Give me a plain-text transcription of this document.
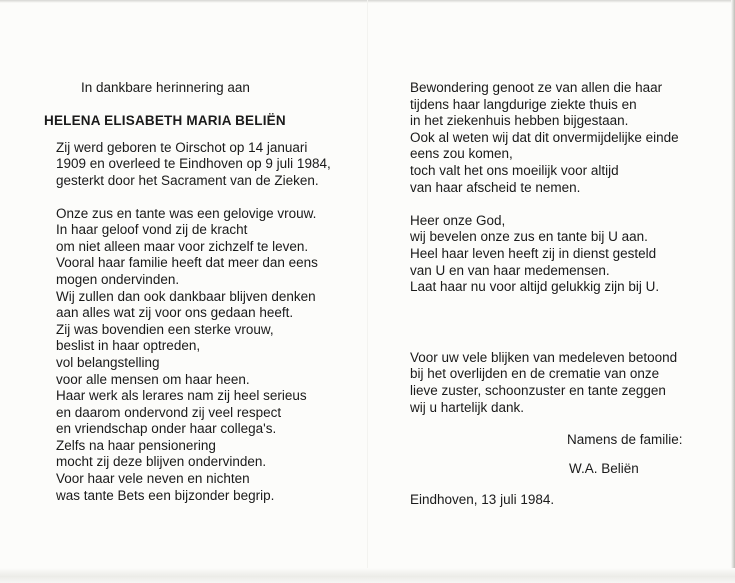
In dankbare herinnering aan
HELENA ELISABETH MARIA BELIËN
Zij werd geboren te Oirschot op 14 januari
1909 en overleed te Eindhoven op 9 juli 1984,
gesterkt door het Sacrament van de Zieken.
Onze zus en tante was een gelovige vrouw.
In haar geloof vond zij de kracht
om niet alleen maar voor zichzelf te leven.
Vooral haar familie heeft dat meer dan eens
mogen ondervinden.
Wij zullen dan ook dankbaar blijven denken
aan alles wat zij voor ons gedaan heeft.
Zij was bovendien een sterke vrouw,
beslist in haar optreden,
vol belangstelling
voor alle mensen om haar heen.
Haar werk als lerares nam zij heel serieus
en daarom ondervond zij veel respect
en vriendschap onder haar collega's.
Zelfs na haar pensionering
mocht zij deze blijven ondervinden.
Voor haar vele neven en nichten
was tante Bets een bijzonder begrip.
Bewondering genoot ze van allen die haar
tijdens haar langdurige ziekte thuis en
in het ziekenhuis hebben bijgestaan.
Ook al weten wij dat dit onvermijdelijke einde
eens zou komen,
toch valt het ons moeilijk voor altijd
van haar afscheid te nemen.
Heer onze God,
wij bevelen onze zus en tante bij U aan.
Heel haar leven heeft zij in dienst gesteld
van U en van haar medemensen.
Laat haar nu voor altijd gelukkig zijn bij U.
Voor uw vele blijken van medeleven betoond
bij het overlijden en de crematie van onze
lieve zuster, schoonzuster en tante zeggen
wij u hartelijk dank.
Namens de familie:
W.A. Beliën
Eindhoven, 13 juli 1984.
